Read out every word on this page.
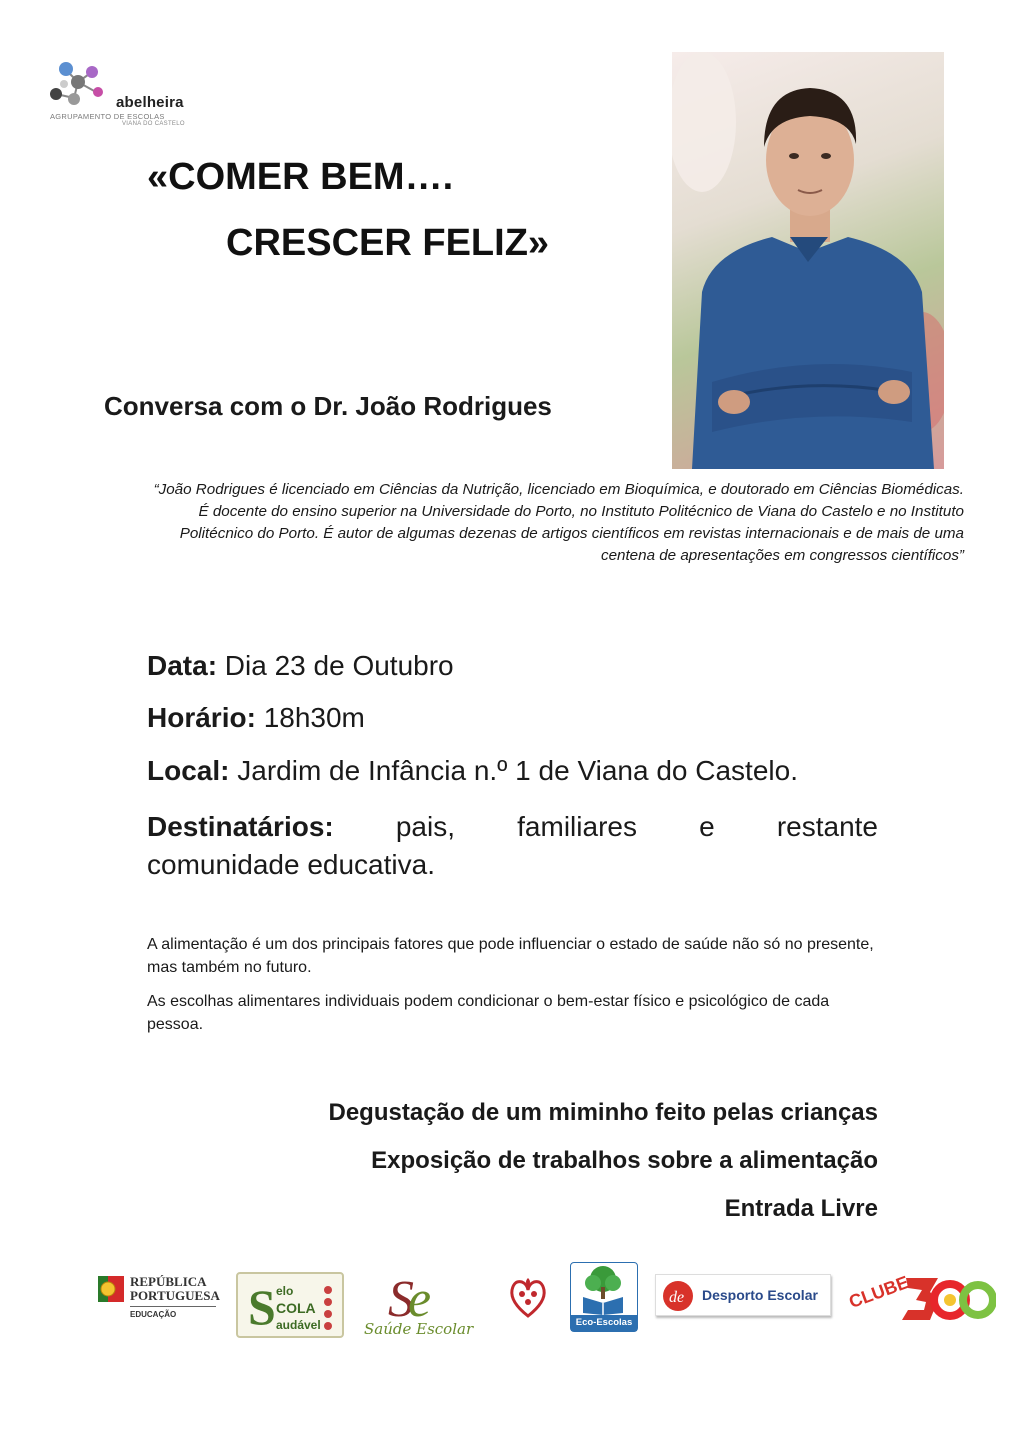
abelheira
AGRUPAMENTO DE ESCOLAS
VIANA DO CASTELO
«COMER BEM….
CRESCER FELIZ»
Conversa com o Dr. João Rodrigues
“João Rodrigues é licenciado em Ciências da Nutrição, licenciado em Bioquímica, e doutorado em Ciências Biomédicas. É docente do ensino superior na Universidade do Porto, no Instituto Politécnico de Viana do Castelo e no Instituto Politécnico do Porto. É autor de algumas dezenas de artigos científicos em revistas internacionais e de mais de uma centena de apresentações em congressos científicos”
Data: Dia 23 de Outubro
Horário: 18h30m
Local: Jardim de Infância n.º 1 de Viana do Castelo.
Destinatários: pais, familiares e restante
comunidade educativa.
A alimentação é um dos principais fatores que pode influenciar o estado de saúde não só no presente, mas também no futuro.
As escolhas alimentares individuais podem condicionar o bem-estar físico e psicológico de cada pessoa.
Degustação de um miminho feito pelas crianças
Exposição de trabalhos sobre a alimentação
Entrada Livre
REPÚBLICA
PORTUGUESA
EDUCAÇÃO S elo
COLA
audável Se
Saúde Escolar	Eco-Escolas
de Desporto Escolar CLUBE
